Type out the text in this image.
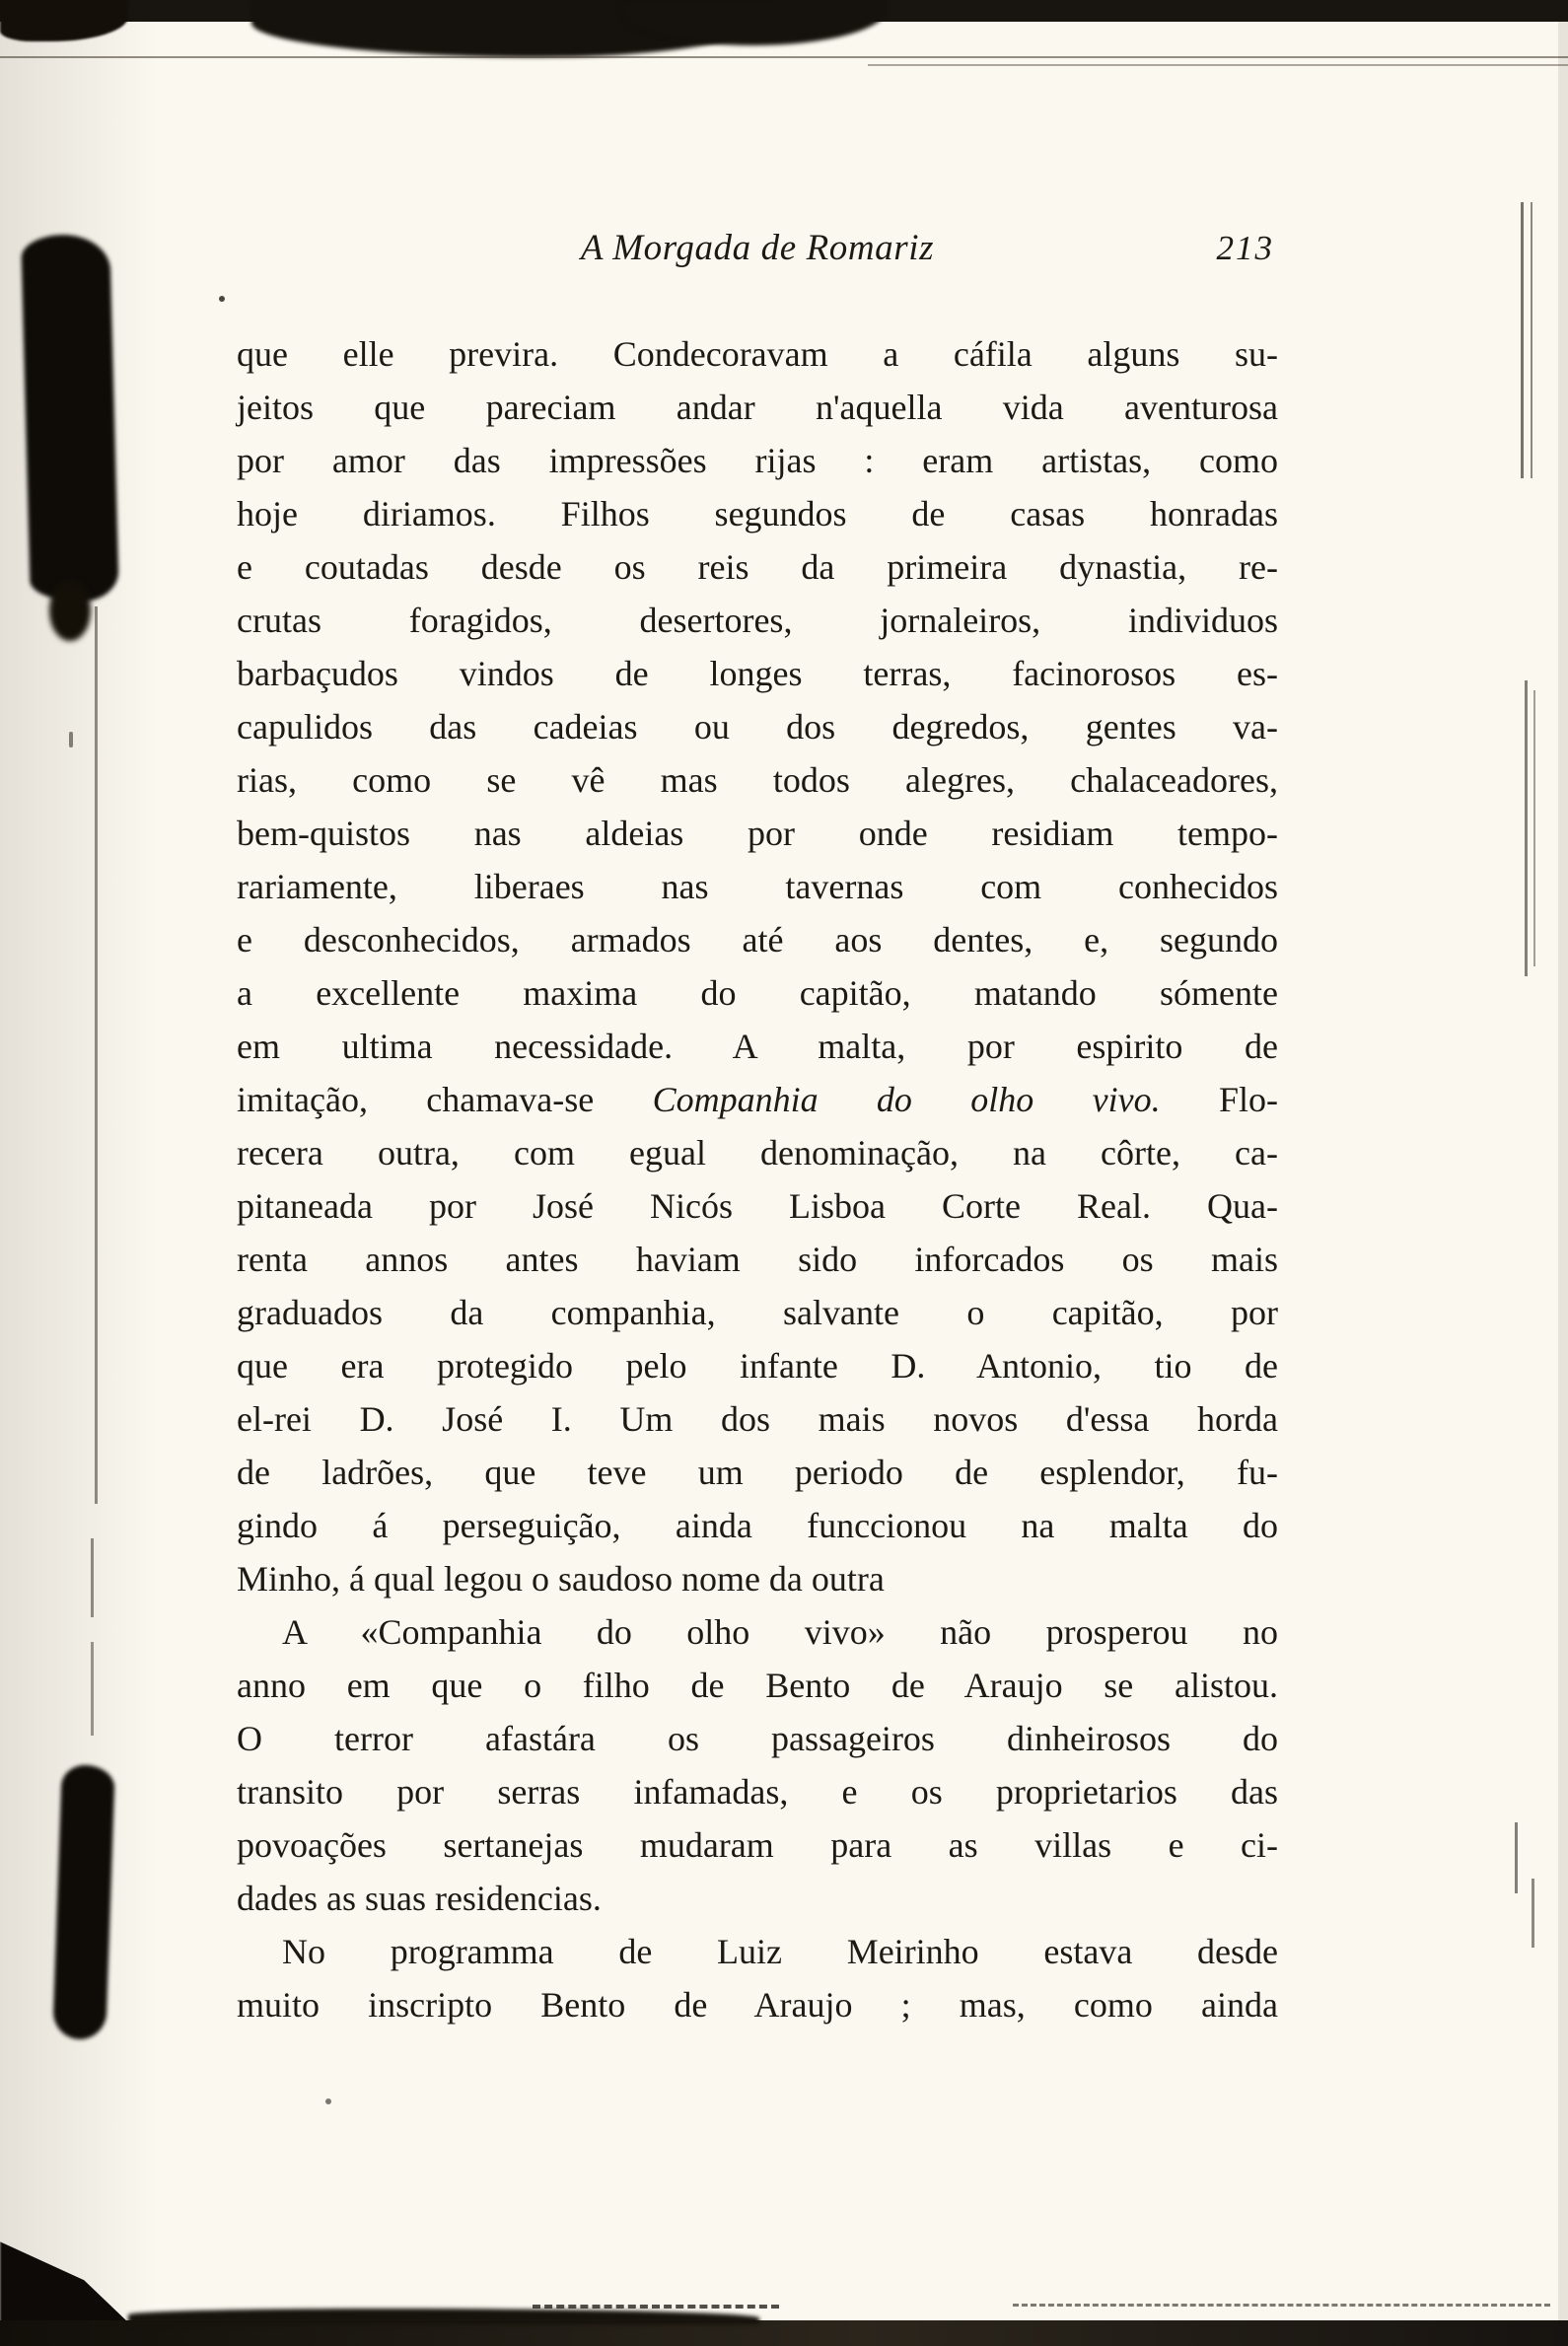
A Morgada de Romariz	213
que elle previra. Condecoravam a cáfila alguns su-
jeitos que pareciam andar n'aquella vida aventurosa
por amor das impressões rijas : eram artistas, como
hoje diriamos. Filhos segundos de casas honradas
e coutadas desde os reis da primeira dynastia, re-
crutas foragidos, desertores, jornaleiros, individuos
barbaçudos vindos de longes terras, facinorosos es-
capulidos das cadeias ou dos degredos, gentes va-
rias, como se vê mas todos alegres, chalaceadores,
bem-quistos nas aldeias por onde residiam tempo-
rariamente, liberaes nas tavernas com conhecidos
e desconhecidos, armados até aos dentes, e, segundo
a excellente maxima do capitão, matando sómente
em ultima necessidade. A malta, por espirito de
imitação, chamava-se Companhia do olho vivo. Flo-
recera outra, com egual denominação, na côrte, ca-
pitaneada por José Nicós Lisboa Corte Real. Qua-
renta annos antes haviam sido inforcados os mais
graduados da companhia, salvante o capitão, por
que era protegido pelo infante D. Antonio, tio de
el-rei D. José I. Um dos mais novos d'essa horda
de ladrões, que teve um periodo de esplendor, fu-
gindo á perseguição, ainda funccionou na malta do
Minho, á qual legou o saudoso nome da outra
A «Companhia do olho vivo» não prosperou no
anno em que o filho de Bento de Araujo se alistou.
O terror afastára os passageiros dinheirosos do
transito por serras infamadas, e os proprietarios das
povoações sertanejas mudaram para as villas e ci-
dades as suas residencias.
No programma de Luiz Meirinho estava desde
muito inscripto Bento de Araujo ; mas, como ainda
